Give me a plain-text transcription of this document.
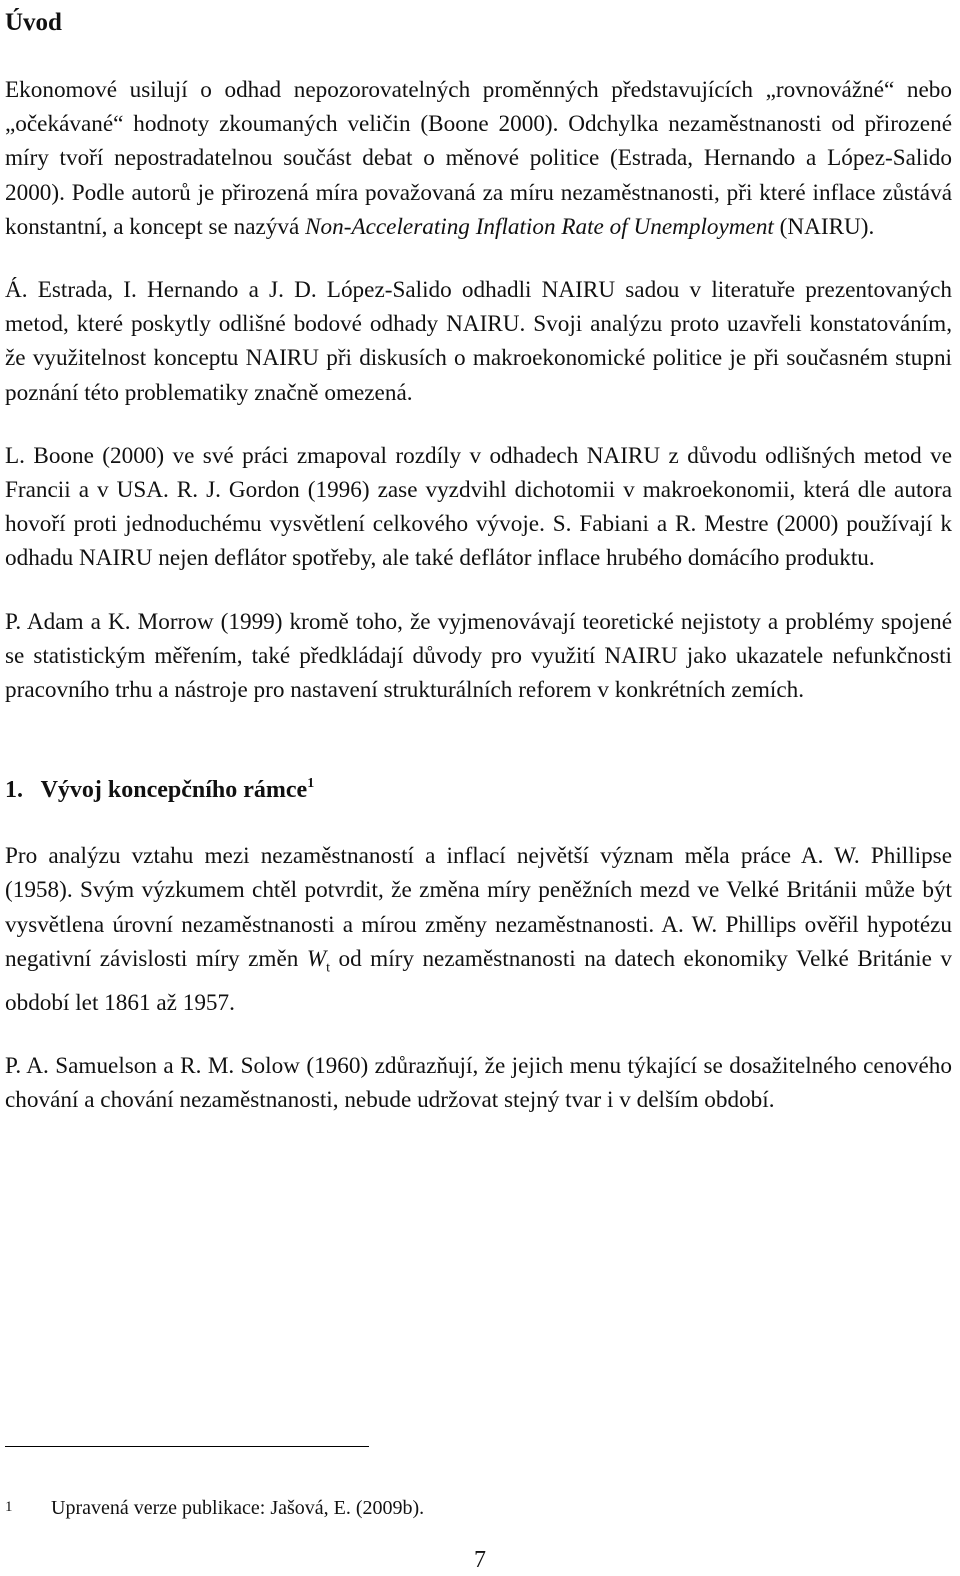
Úvod

Ekonomové usilují o odhad nepozorovatelných proměnných představujících „rovnovážné“ nebo „očekávané“ hodnoty zkoumaných veličin (Boone 2000). Odchylka nezaměstnanosti od přirozené míry tvoří nepostradatelnou součást debat o měnové politice (Estrada, Hernando a López-Salido 2000). Podle autorů je přirozená míra považovaná za míru nezaměstnanosti, při které inflace zůstává konstantní, a koncept se nazývá Non-Accelerating Inflation Rate of Unemployment (NAIRU).

Á. Estrada, I. Hernando a J. D. López-Salido odhadli NAIRU sadou v literatuře prezentovaných metod, které poskytly odlišné bodové odhady NAIRU. Svoji analýzu proto uzavřeli konstatováním, že využitelnost konceptu NAIRU při diskusích o makroekonomické politice je při současném stupni poznání této problematiky značně omezená.

L. Boone (2000) ve své práci zmapoval rozdíly v odhadech NAIRU z důvodu odlišných metod ve Francii a v USA. R. J. Gordon (1996) zase vyzdvihl dichotomii v makroekonomii, která dle autora hovoří proti jednoduchému vysvětlení celkového vývoje. S. Fabiani a R. Mestre (2000) používají k odhadu NAIRU nejen deflátor spotřeby, ale také deflátor inflace hrubého domácího produktu.

P. Adam a K. Morrow (1999) kromě toho, že vyjmenovávají teoretické nejistoty a problémy spojené se statistickým měřením, také předkládají důvody pro využití NAIRU jako ukazatele nefunkčnosti pracovního trhu a nástroje pro nastavení strukturálních reforem v konkrétních zemích.

1.   Vývoj koncepčního rámce$^1$

Pro analýzu vztahu mezi nezaměstnaností a inflací největší význam měla práce A. W. Phillipse (1958). Svým výzkumem chtěl potvrdit, že změna míry peněžních mezd ve Velké Británii může být vysvětlena úrovní nezaměstnanosti a mírou změny nezaměstnanosti. A. W. Phillips ověřil hypotézu negativní závislosti míry změn $W_t$ od míry nezaměstnanosti na datech ekonomiky Velké Británie v období let 1861 až 1957.

P. A. Samuelson a R. M. Solow (1960) zdůrazňují, že jejich menu týkající se dosažitelného cenového chování a chování nezaměstnanosti, nebude udržovat stejný tvar i v delším období.

1 Upravená verze publikace: Jašová, E. (2009b).
7
